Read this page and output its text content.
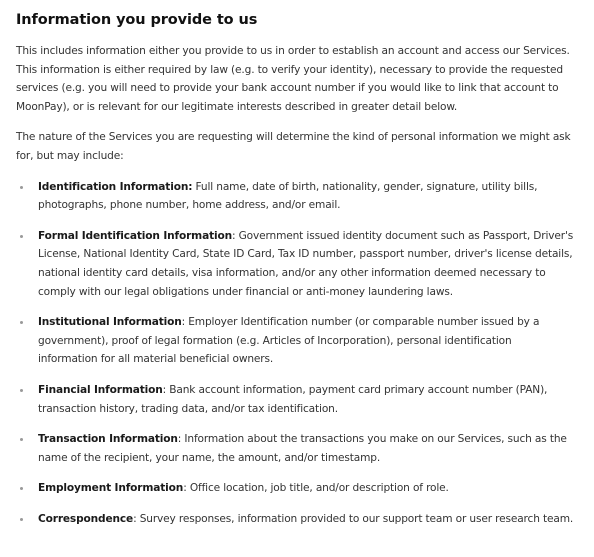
Information you provide to us

This includes information either you provide to us in order to establish an account and access our Services. This information is either required by law (e.g. to verify your identity), necessary to provide the requested services (e.g. you will need to provide your bank account number if you would like to link that account to MoonPay), or is relevant for our legitimate interests described in greater detail below.

The nature of the Services you are requesting will determine the kind of personal information we might ask for, but may include:

Identification Information: Full name, date of birth, nationality, gender, signature, utility bills, photographs, phone number, home address, and/or email.
Formal Identification Information: Government issued identity document such as Passport, Driver's License, National Identity Card, State ID Card, Tax ID number, passport number, driver's license details, national identity card details, visa information, and/or any other information deemed necessary to comply with our legal obligations under financial or anti-money laundering laws.
Institutional Information: Employer Identification number (or comparable number issued by a government), proof of legal formation (e.g. Articles of Incorporation), personal identification information for all material beneficial owners.
Financial Information: Bank account information, payment card primary account number (PAN), transaction history, trading data, and/or tax identification.
Transaction Information: Information about the transactions you make on our Services, such as the name of the recipient, your name, the amount, and/or timestamp.
Employment Information: Office location, job title, and/or description of role.
Correspondence: Survey responses, information provided to our support team or user research team.
